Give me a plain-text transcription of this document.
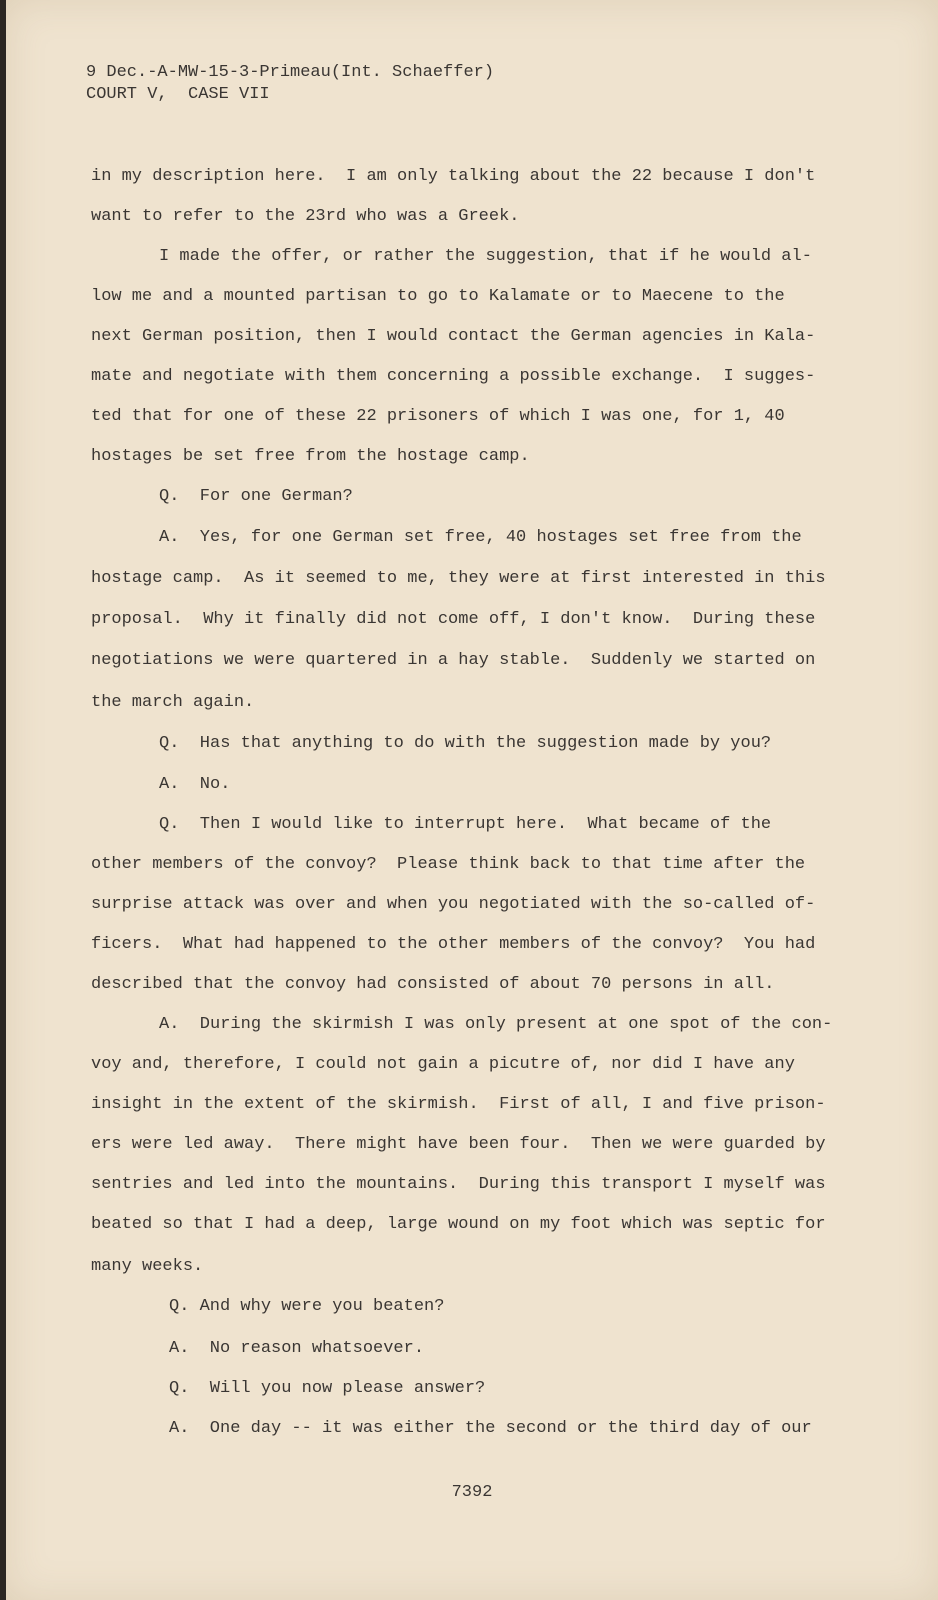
9 Dec.-A-MW-15-3-Primeau(Int. Schaeffer)
COURT V,  CASE VII
in my description here.  I am only talking about the 22 because I don't
want to refer to the 23rd who was a Greek.
I made the offer, or rather the suggestion, that if he would al-
low me and a mounted partisan to go to Kalamate or to Maecene to the
next German position, then I would contact the German agencies in Kala-
mate and negotiate with them concerning a possible exchange.  I sugges-
ted that for one of these 22 prisoners of which I was one, for 1, 40
hostages be set free from the hostage camp.
Q.  For one German?
A.  Yes, for one German set free, 40 hostages set free from the
hostage camp.  As it seemed to me, they were at first interested in this
proposal.  Why it finally did not come off, I don't know.  During these
negotiations we were quartered in a hay stable.  Suddenly we started on
the march again.
Q.  Has that anything to do with the suggestion made by you?
A.  No.
Q.  Then I would like to interrupt here.  What became of the
other members of the convoy?  Please think back to that time after the
surprise attack was over and when you negotiated with the so-called of-
ficers.  What had happened to the other members of the convoy?  You had
described that the convoy had consisted of about 70 persons in all.
A.  During the skirmish I was only present at one spot of the con-
voy and, therefore, I could not gain a picutre of, nor did I have any
insight in the extent of the skirmish.  First of all, I and five prison-
ers were led away.  There might have been four.  Then we were guarded by
sentries and led into the mountains.  During this transport I myself was
beated so that I had a deep, large wound on my foot which was septic for
many weeks.
Q. And why were you beaten?
A.  No reason whatsoever.
Q.  Will you now please answer?
A.  One day -- it was either the second or the third day of our
7392
